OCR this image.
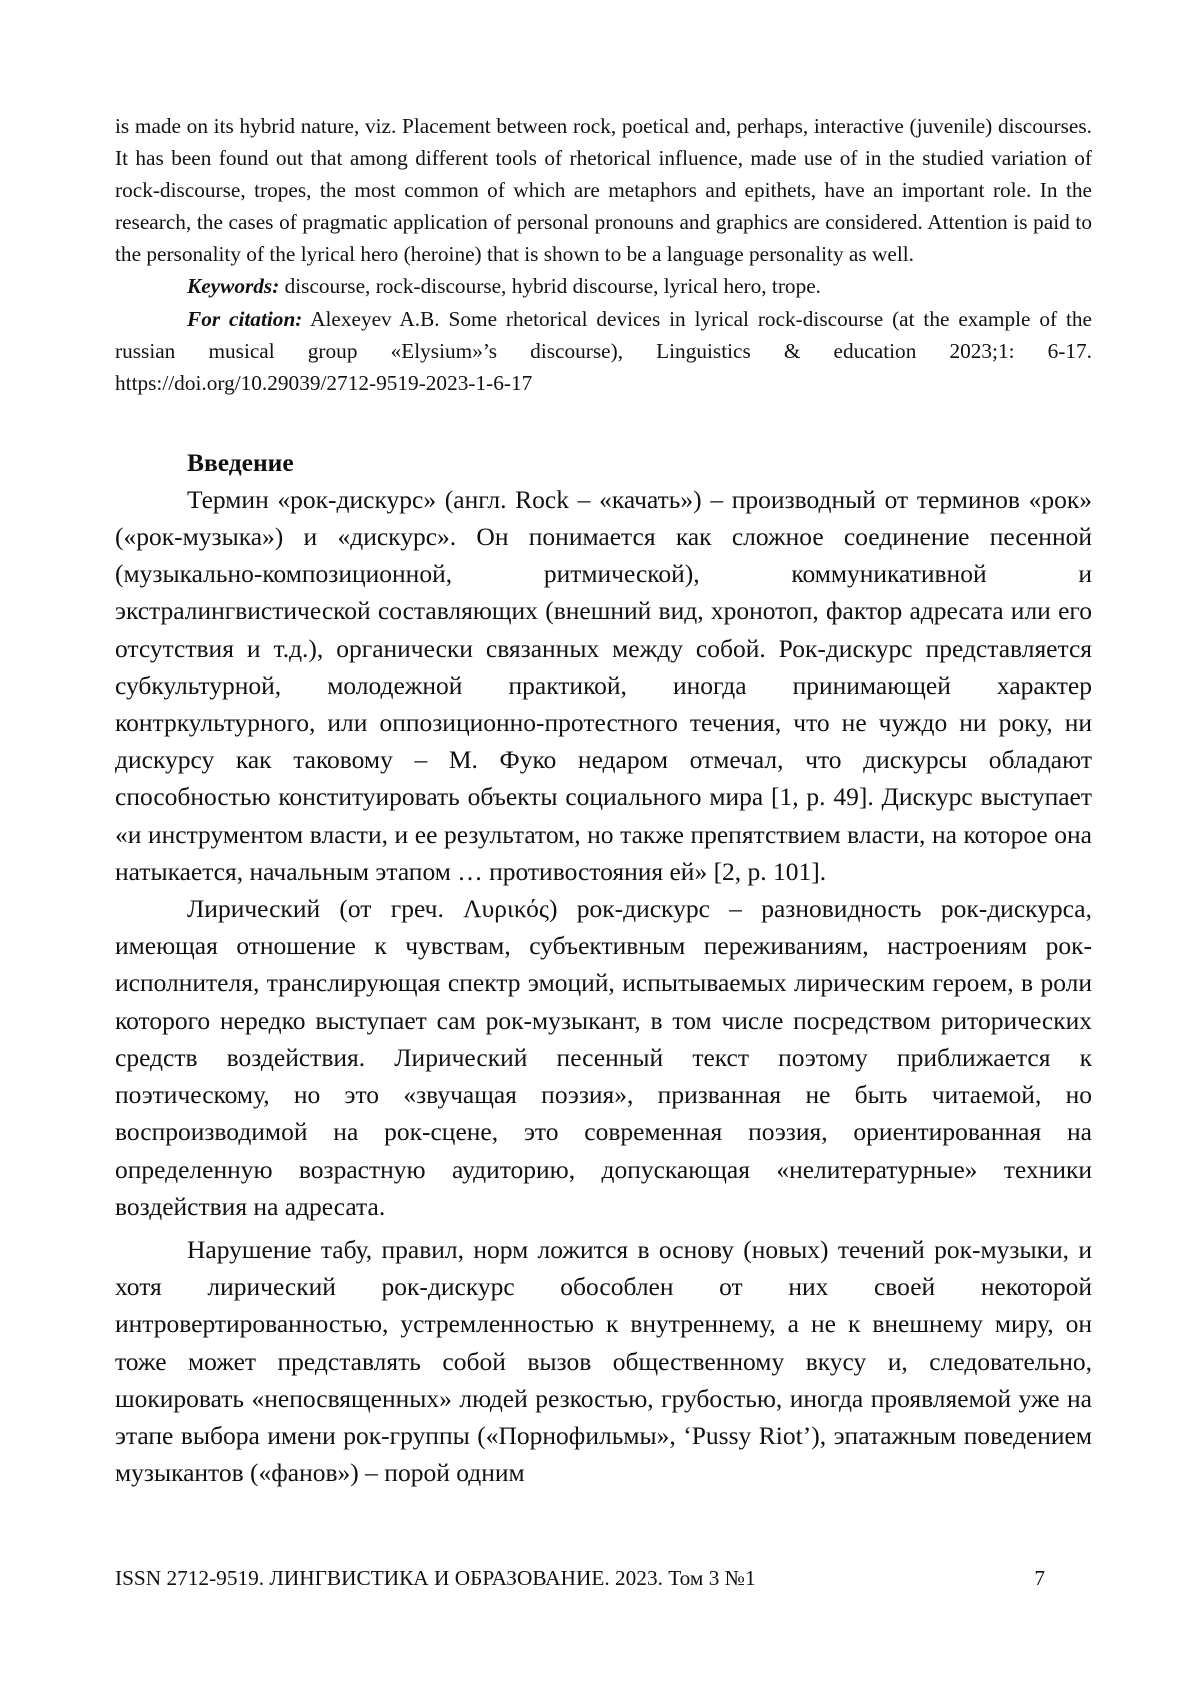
is made on its hybrid nature, viz. Placement between rock, poetical and, perhaps, interactive (juvenile) discourses. It has been found out that among different tools of rhetorical influence, made use of in the studied variation of rock-discourse, tropes, the most common of which are metaphors and epithets, have an important role. In the research, the cases of pragmatic application of personal pronouns and graphics are considered. Attention is paid to the personality of the lyrical hero (heroine) that is shown to be a language personality as well.

Keywords: discourse, rock-discourse, hybrid discourse, lyrical hero, trope.

For citation: Alexeyev A.B. Some rhetorical devices in lyrical rock-discourse (at the example of the russian musical group «Elysium»’s discourse), Linguistics & education 2023;1: 6-17. https://doi.org/10.29039/2712-9519-2023-1-6-17

Введение

Термин «рок-дискурс» (англ. Rock – «качать») – производный от терминов «рок» («рок-музыка») и «дискурс». Он понимается как сложное соединение песенной (музыкально-композиционной, ритмической), коммуникативной и экстралингвистической составляющих (внешний вид, хронотоп, фактор адресата или его отсутствия и т.д.), органически связанных между собой. Рок-дискурс представляется субкультурной, молодежной практикой, иногда принимающей характер контркультурного, или оппозиционно-протестного течения, что не чуждо ни року, ни дискурсу как таковому – М. Фуко недаром отмечал, что дискурсы обладают способностью конституировать объекты социального мира [1, р. 49]. Дискурс выступает «и инструментом власти, и ее результатом, но также препятствием власти, на которое она натыкается, начальным этапом … противостояния ей» [2, р. 101].

Лирический (от греч. Λυρικός) рок-дискурс – разновидность рок-дискурса, имеющая отношение к чувствам, субъективным переживаниям, настроениям рок-исполнителя, транслирующая спектр эмоций, испытываемых лирическим героем, в роли которого нередко выступает сам рок-музыкант, в том числе посредством риторических средств воздействия. Лирический песенный текст поэтому приближается к поэтическому, но это «звучащая поэзия», призванная не быть читаемой, но воспроизводимой на рок-сцене, это современная поэзия, ориентированная на определенную возрастную аудиторию, допускающая «нелитературные» техники воздействия на адресата.

Нарушение табу, правил, норм ложится в основу (новых) течений рок-музыки, и хотя лирический рок-дискурс обособлен от них своей некоторой интровертированностью, устремленностью к внутреннему, а не к внешнему миру, он тоже может представлять собой вызов общественному вкусу и, следовательно, шокировать «непосвященных» людей резкостью, грубостью, иногда проявляемой уже на этапе выбора имени рок-группы («Порнофильмы», ‘Pussy Riot’), эпатажным поведением музыкантов («фанов») – порой одним

ISSN 2712-9519. ЛИНГВИСТИКА И ОБРАЗОВАНИЕ. 2023. Том 3 №1	7
